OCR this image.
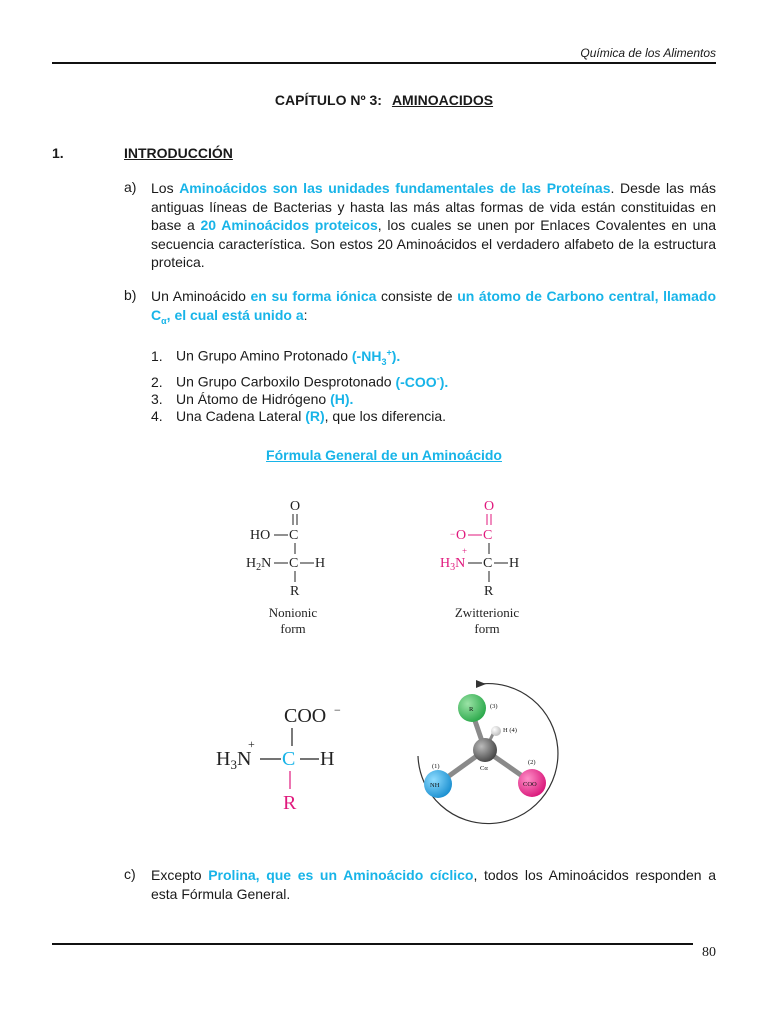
Química de los Alimentos
CAPÍTULO Nº 3: AMINOACIDOS
1.	INTRODUCCIÓN
a) Los Aminoácidos son las unidades fundamentales de las Proteínas. Desde las más antiguas líneas de Bacterias y hasta las más altas formas de vida están constituidas en base a 20 Aminoácidos proteicos, los cuales se unen por Enlaces Covalentes en una secuencia característica. Son estos 20 Aminoácidos el verdadero alfabeto de la estructura proteica.
b) Un Aminoácido en su forma iónica consiste de un átomo de Carbono central, llamado $C_\alpha$, el cual está unido a:
1. Un Grupo Amino Protonado $(-NH_3^+)$.
2. Un Grupo Carboxilo Desprotonado (-COO-).
3. Un Átomo de Hidrógeno (H).
4. Una Cadena Lateral (R), que los diferencia.
Fórmula General de un Aminoácido
O
HO C
$H_2N$ C H
R
Nonionic
form
O
− O C
$H_3N$
+
C H
R
Zwitterionic
form
COO −
$H_3N$
+
C H
R
R	(3)
H (4)
Cα
NH
(1)
COO
(2)
c) Excepto Prolina, que es un Aminoácido cíclico, todos los Aminoácidos responden a esta Fórmula General.
80
